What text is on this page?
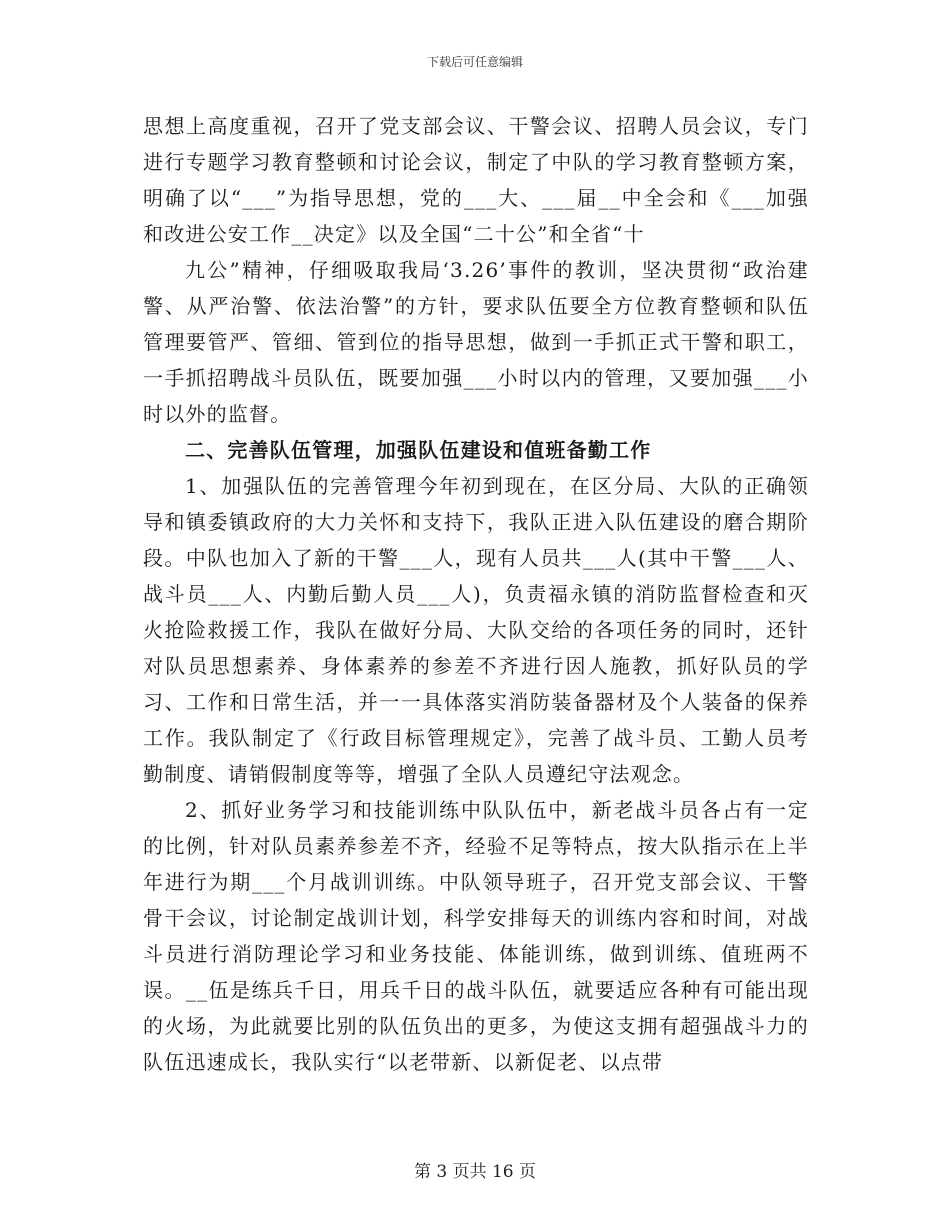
下载后可任意编辑

思想上高度重视，召开了党支部会议、干警会议、招聘人员会议，专门进行专题学习教育整顿和讨论会议，制定了中队的学习教育整顿方案，明确了以“___”为指导思想，党的___大、___届__中全会和《___加强和改进公安工作__决定》以及全国“二十公”和全省“十

九公”精神，仔细吸取我局‘3.26’事件的教训，坚决贯彻“政治建警、从严治警、依法治警”的方针，要求队伍要全方位教育整顿和队伍管理要管严、管细、管到位的指导思想，做到一手抓正式干警和职工，一手抓招聘战斗员队伍，既要加强___小时以内的管理，又要加强___小时以外的监督。

二、完善队伍管理，加强队伍建设和值班备勤工作

1、加强队伍的完善管理今年初到现在，在区分局、大队的正确领导和镇委镇政府的大力关怀和支持下，我队正进入队伍建设的磨合期阶段。中队也加入了新的干警___人，现有人员共___人(其中干警___人、战斗员___人、内勤后勤人员___人)，负责福永镇的消防监督检查和灭火抢险救援工作，我队在做好分局、大队交给的各项任务的同时，还针对队员思想素养、身体素养的参差不齐进行因人施教，抓好队员的学习、工作和日常生活，并一一具体落实消防装备器材及个人装备的保养工作。我队制定了《行政目标管理规定》，完善了战斗员、工勤人员考勤制度、请销假制度等等，增强了全队人员遵纪守法观念。

2、抓好业务学习和技能训练中队队伍中，新老战斗员各占有一定的比例，针对队员素养参差不齐，经验不足等特点，按大队指示在上半年进行为期___个月战训训练。中队领导班子，召开党支部会议、干警骨干会议，讨论制定战训计划，科学安排每天的训练内容和时间，对战斗员进行消防理论学习和业务技能、体能训练，做到训练、值班两不误。__伍是练兵千日，用兵千日的战斗队伍，就要适应各种有可能出现的火场，为此就要比别的队伍负出的更多，为使这支拥有超强战斗力的队伍迅速成长，我队实行“以老带新、以新促老、以点带

第 3 页共 16 页
